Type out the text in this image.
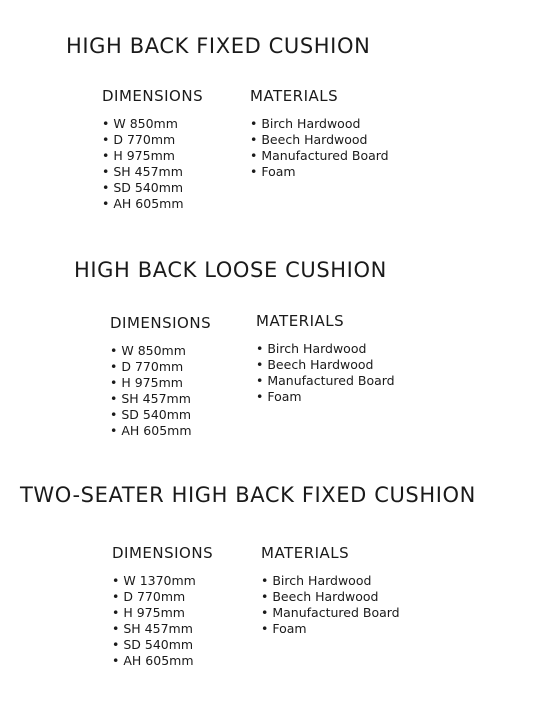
HIGH BACK FIXED CUSHION
DIMENSIONS
• W 850mm
• D 770mm
• H 975mm
• SH 457mm
• SD 540mm
• AH 605mm
MATERIALS
• Birch Hardwood
• Beech Hardwood
• Manufactured Board
• Foam
HIGH BACK LOOSE CUSHION
DIMENSIONS
• W 850mm
• D 770mm
• H 975mm
• SH 457mm
• SD 540mm
• AH 605mm
MATERIALS
• Birch Hardwood
• Beech Hardwood
• Manufactured Board
• Foam
TWO-SEATER HIGH BACK FIXED CUSHION
DIMENSIONS
• W 1370mm
• D 770mm
• H 975mm
• SH 457mm
• SD 540mm
• AH 605mm
MATERIALS
• Birch Hardwood
• Beech Hardwood
• Manufactured Board
• Foam
